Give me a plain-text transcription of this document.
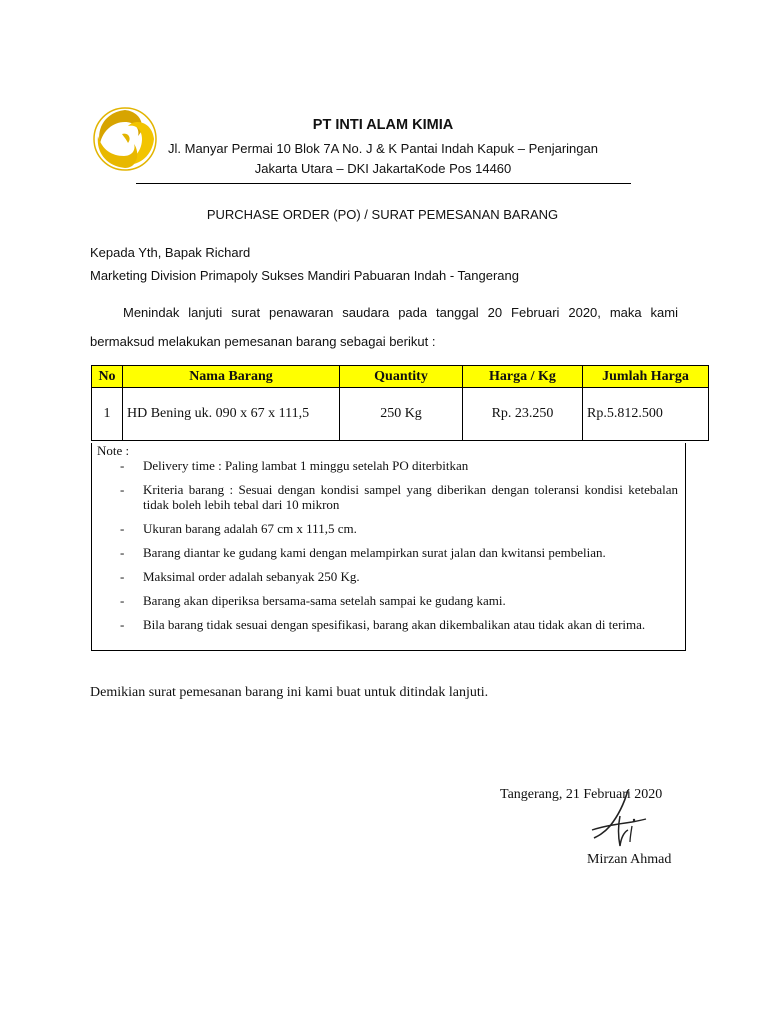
PT INTI ALAM KIMIA
Jl. Manyar Permai 10 Blok 7A No. J & K Pantai Indah Kapuk – Penjaringan
Jakarta Utara – DKI JakartaKode Pos 14460
PURCHASE ORDER (PO) / SURAT PEMESANAN BARANG
Kepada Yth, Bapak Richard
Marketing Division Primapoly Sukses Mandiri Pabuaran Indah - Tangerang
Menindak lanjuti surat penawaran saudara pada tanggal 20 Februari 2020, maka kami bermaksud melakukan pemesanan barang sebagai berikut :
No	Nama Barang	Quantity	Harga / Kg	Jumlah Harga
1	HD Bening uk. 090 x 67 x 111,5	250 Kg	Rp. 23.250	Rp.5.812.500
Note :
- Delivery time : Paling lambat 1 minggu setelah PO diterbitkan
- Kriteria barang : Sesuai dengan kondisi sampel yang diberikan dengan toleransi kondisi ketebalan tidak boleh lebih tebal dari 10 mikron
- Ukuran barang adalah 67 cm x 111,5 cm.
- Barang diantar ke gudang kami dengan melampirkan surat jalan dan kwitansi pembelian.
- Maksimal order adalah sebanyak 250 Kg.
- Barang akan diperiksa bersama-sama setelah sampai ke gudang kami.
- Bila barang tidak sesuai dengan spesifikasi, barang akan dikembalikan atau tidak akan di terima.
Demikian surat pemesanan barang ini kami buat untuk ditindak lanjuti.
Tangerang, 21 Februari 2020
Mirzan Ahmad
